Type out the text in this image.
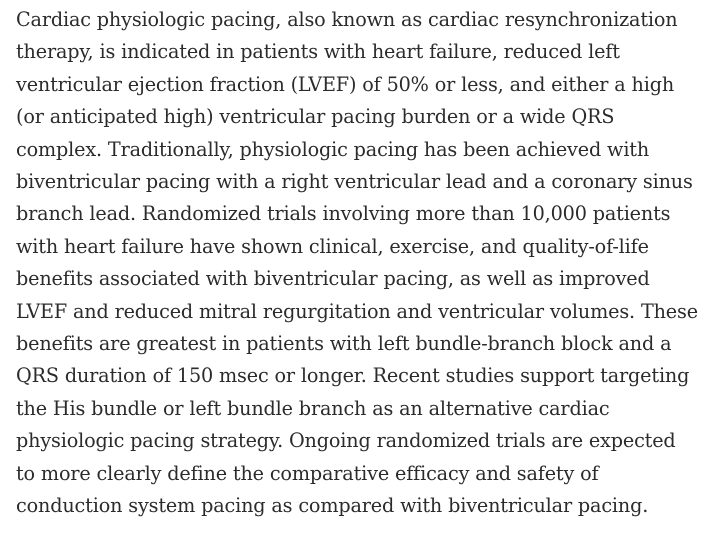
Cardiac physiologic pacing, also known as cardiac resynchronization
therapy, is indicated in patients with heart failure, reduced left
ventricular ejection fraction (LVEF) of 50% or less, and either a high
(or anticipated high) ventricular pacing burden or a wide QRS
complex. Traditionally, physiologic pacing has been achieved with
biventricular pacing with a right ventricular lead and a coronary sinus
branch lead. Randomized trials involving more than 10,000 patients
with heart failure have shown clinical, exercise, and quality-of-life
benefits associated with biventricular pacing, as well as improved
LVEF and reduced mitral regurgitation and ventricular volumes. These
benefits are greatest in patients with left bundle-branch block and a
QRS duration of 150 msec or longer. Recent studies support targeting
the His bundle or left bundle branch as an alternative cardiac
physiologic pacing strategy. Ongoing randomized trials are expected
to more clearly define the comparative efficacy and safety of
conduction system pacing as compared with biventricular pacing.
